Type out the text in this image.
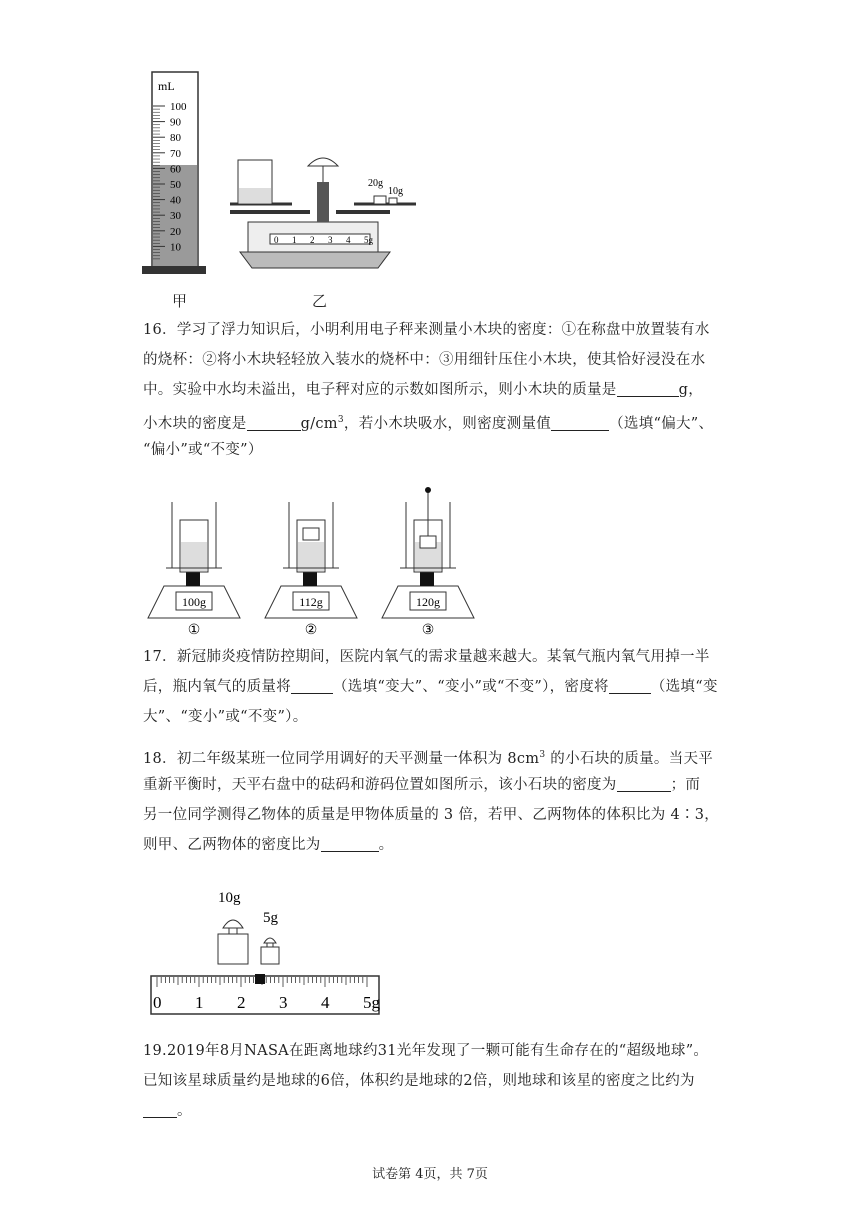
mL
100
90
80
70
60
50
40
30
20
10
0 1 2 3 4 5g
20g
10g
甲	乙
16．学习了浮力知识后，小明利用电子秤来测量小木块的密度：①在称盘中放置装有水
的烧杯：②将小木块轻轻放入装水的烧杯中：③用细针压住小木块，使其恰好浸没在水
中。实验中水均未溢出，电子秤对应的示数如图所示，则小木块的质量是	g，
小木块的密度是	$g/cm^3$，若小木块吸水，则密度测量值	（选填“偏大”、
“偏小”或“不变”）
100g
①
112g
②
120g
③
17．新冠肺炎疫情防控期间，医院内氧气的需求量越来越大。某氧气瓶内氧气用掉一半
后，瓶内氧气的质量将	（选填“变大”、“变小”或“不变”），密度将	（选填“变
大”、“变小”或“不变”）。
18．初二年级某班一位同学用调好的天平测量一体积为 $8cm^3$ 的小石块的质量。当天平
重新平衡时，天平右盘中的砝码和游码位置如图所示，该小石块的密度为	；而
另一位同学测得乙物体的质量是甲物体质量的 3 倍，若甲、乙两物体的体积比为 4∶3，
则甲、乙两物体的密度比为	。
10g
5g
0 1 2 3 4 5g
19.2019年8月NASA在距离地球约31光年发现了一颗可能有生命存在的“超级地球”。
已知该星球质量约是地球的6倍，体积约是地球的2倍，则地球和该星的密度之比约为
。
试卷第 4页，共 7页
